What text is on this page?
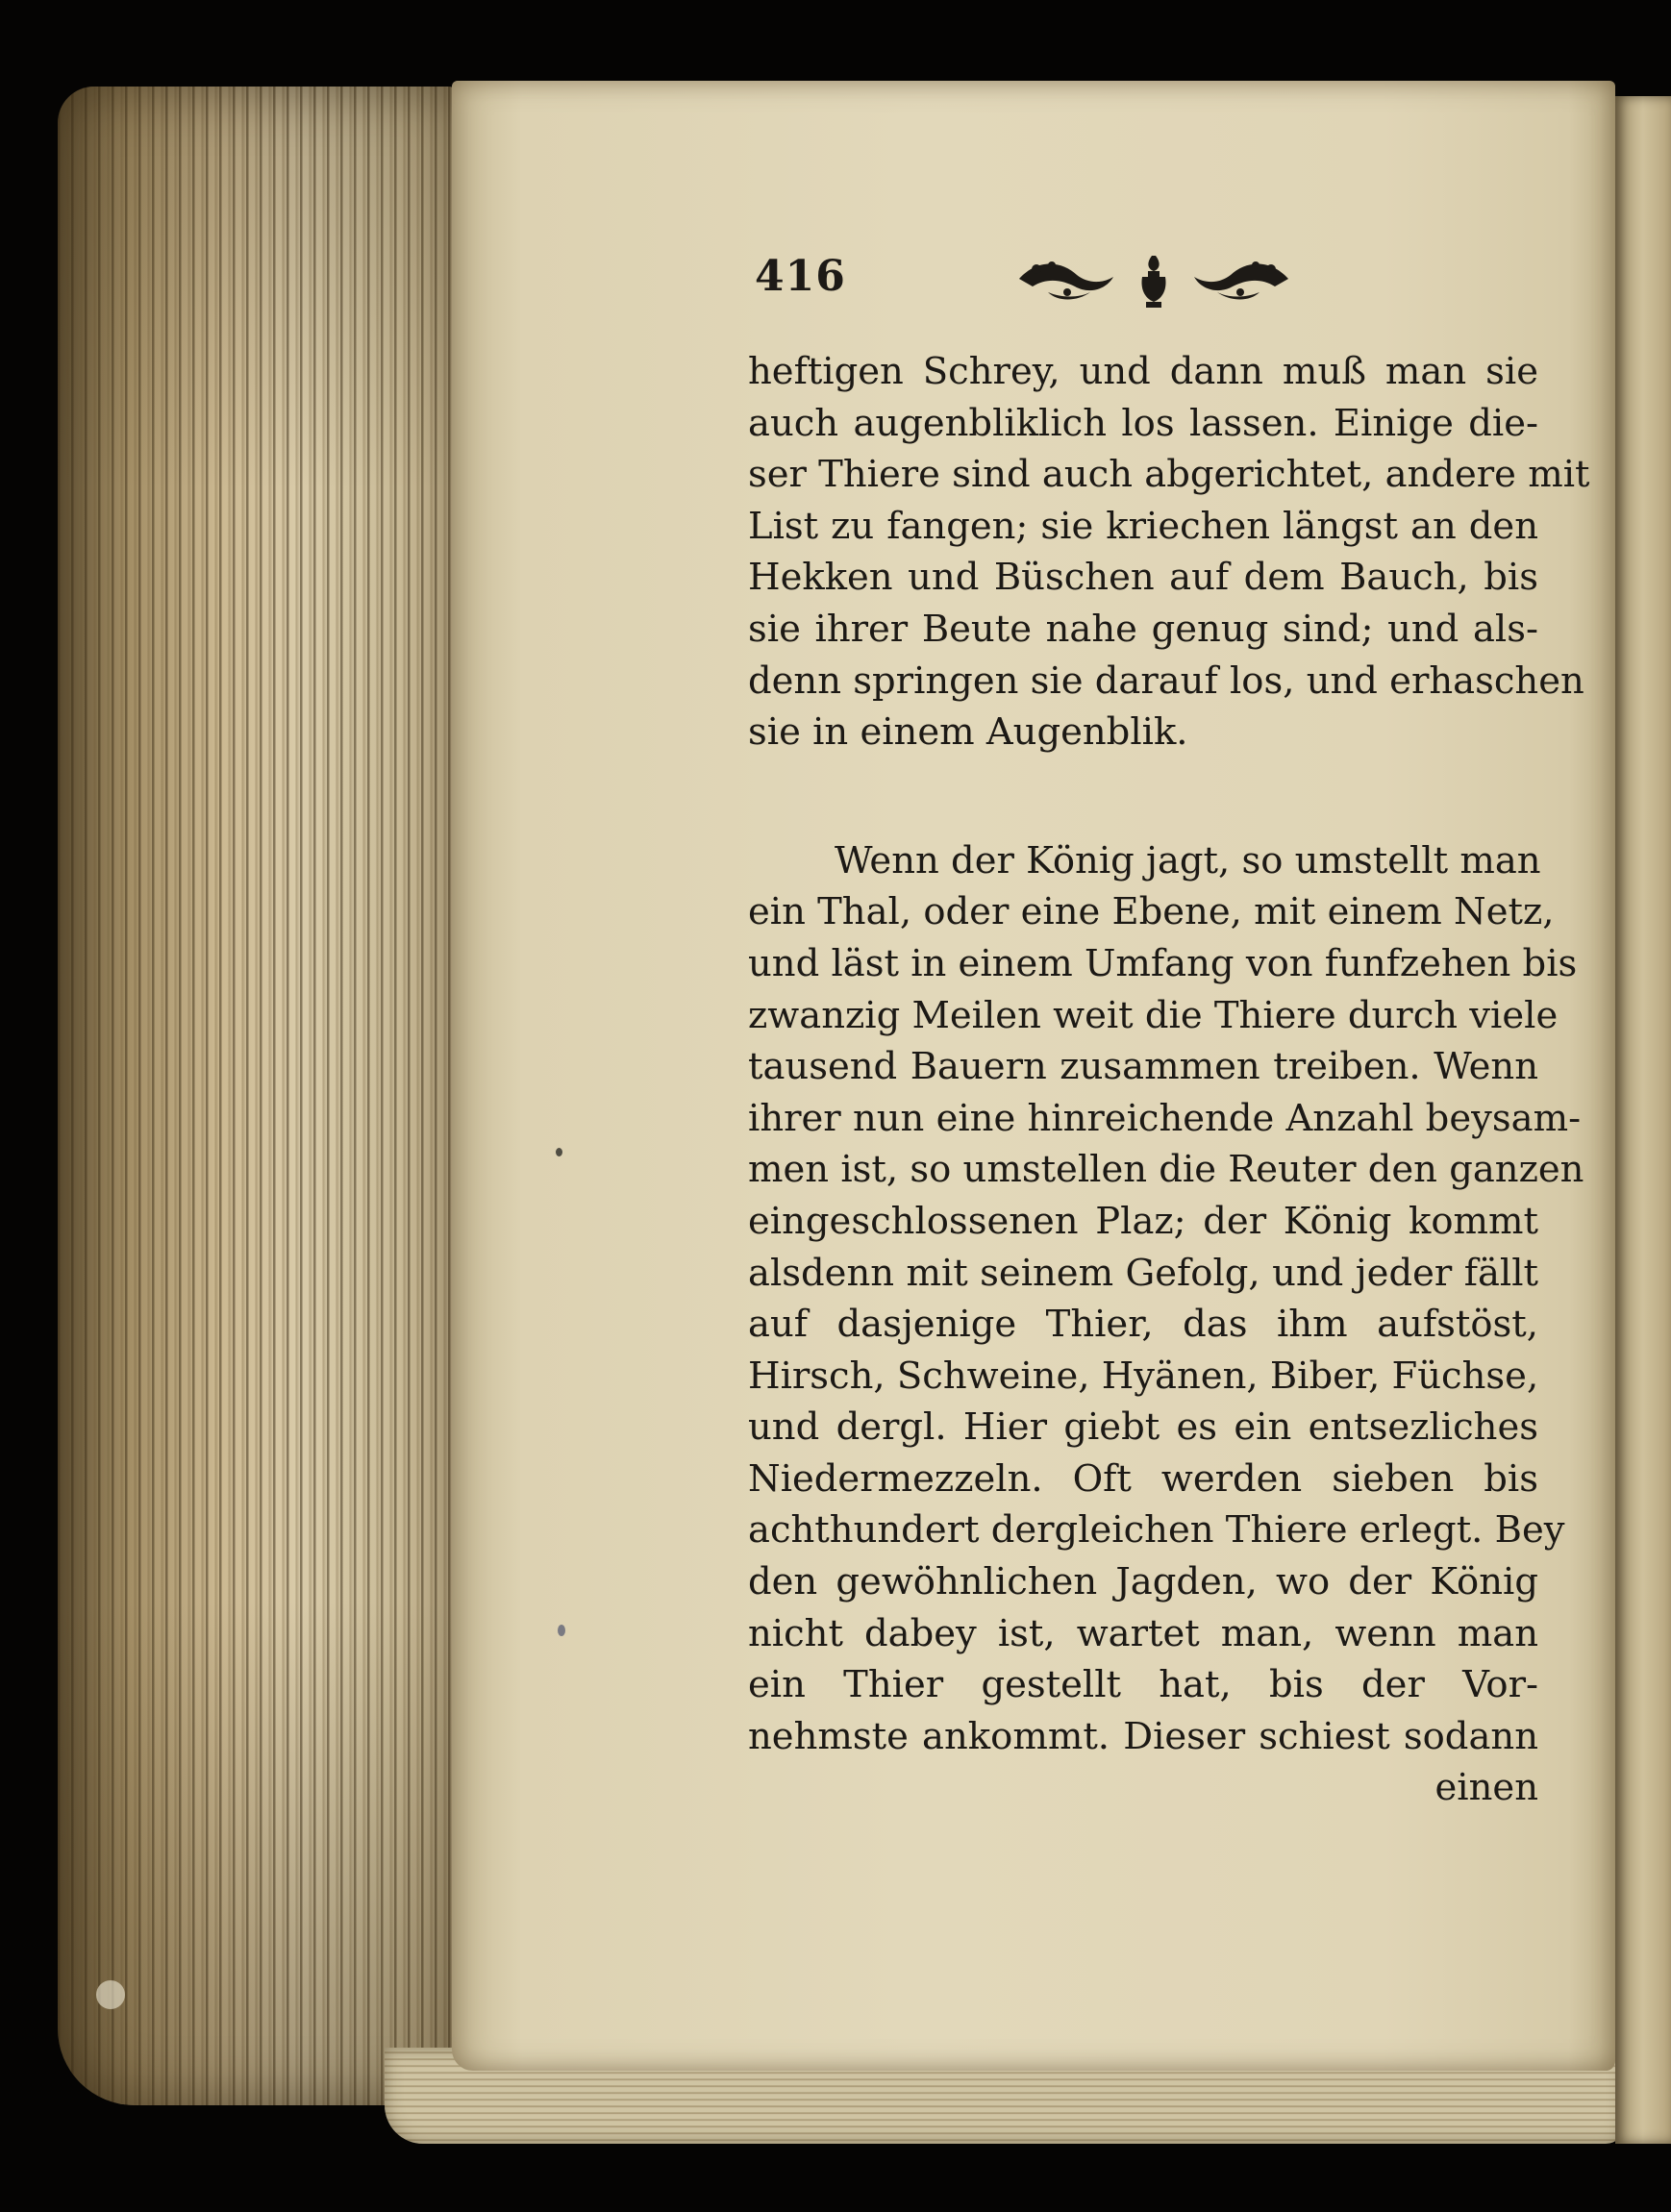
416
heftigen Schrey, und dann muß man sie
auch augenbliklich los lassen. Einige die-
ser Thiere sind auch abgerichtet, andere mit
List zu fangen; sie kriechen längst an den
Hekken und Büschen auf dem Bauch, bis
sie ihrer Beute nahe genug sind; und als-
denn springen sie darauf los, und erhaschen
sie in einem Augenblik.
Wenn der König jagt, so umstellt man
ein Thal, oder eine Ebene, mit einem Netz,
und läst in einem Umfang von funfzehen bis
zwanzig Meilen weit die Thiere durch viele
tausend Bauern zusammen treiben. Wenn
ihrer nun eine hinreichende Anzahl beysam-
men ist, so umstellen die Reuter den ganzen
eingeschlossenen Plaz; der König kommt
alsdenn mit seinem Gefolg, und jeder fällt
auf dasjenige Thier, das ihm aufstöst,
Hirsch, Schweine, Hyänen, Biber, Füchse,
und dergl. Hier giebt es ein entsezliches
Niedermezzeln. Oft werden sieben bis
achthundert dergleichen Thiere erlegt. Bey
den gewöhnlichen Jagden, wo der König
nicht dabey ist, wartet man, wenn man
ein Thier gestellt hat, bis der Vor-
nehmste ankommt. Dieser schiest sodann
einen
